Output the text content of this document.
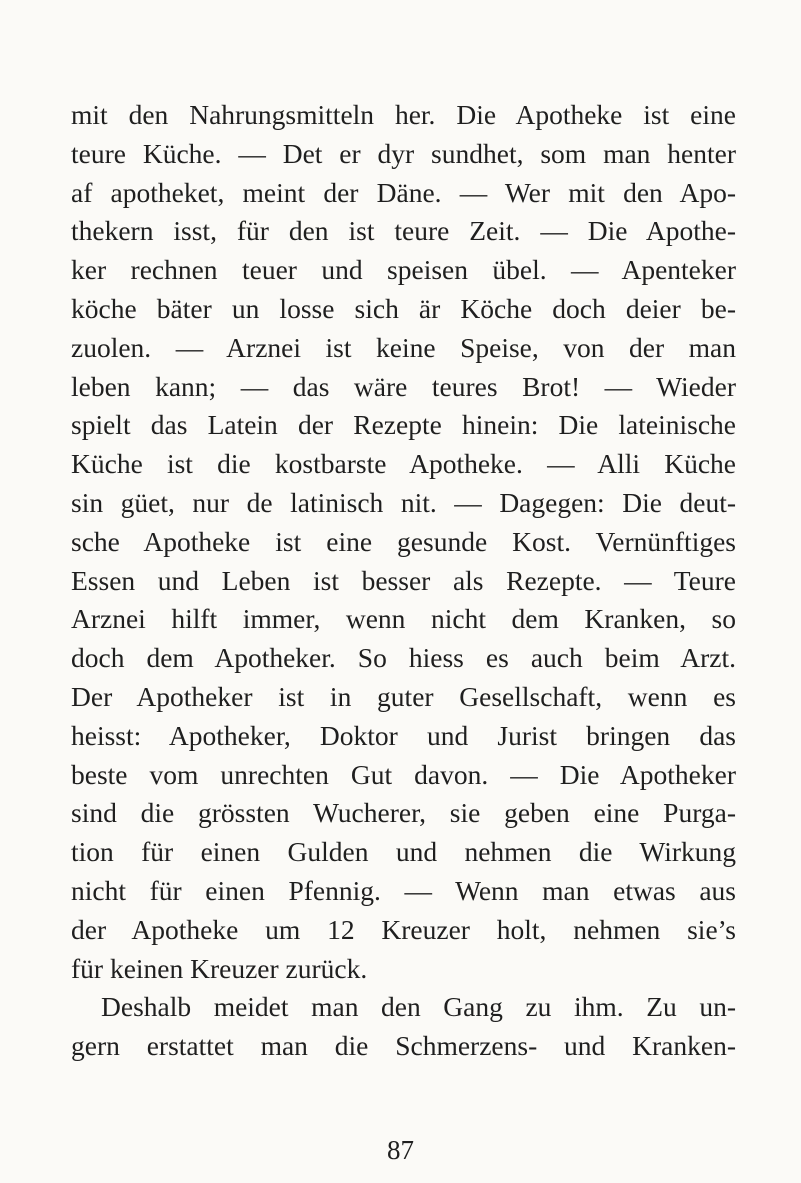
mit den Nahrungsmitteln her. Die Apotheke ist eine
teure Küche. — Det er dyr sundhet, som man henter
af apotheket, meint der Däne. — Wer mit den Apo-
thekern isst, für den ist teure Zeit. — Die Apothe-
ker rechnen teuer und speisen übel. — Apenteker
köche bäter un losse sich är Köche doch deier be-
zuolen. — Arznei ist keine Speise, von der man
leben kann; — das wäre teures Brot! — Wieder
spielt das Latein der Rezepte hinein: Die lateinische
Küche ist die kostbarste Apotheke. — Alli Küche
sin güet, nur de latinisch nit. — Dagegen: Die deut-
sche Apotheke ist eine gesunde Kost. Vernünftiges
Essen und Leben ist besser als Rezepte. — Teure
Arznei hilft immer, wenn nicht dem Kranken, so
doch dem Apotheker. So hiess es auch beim Arzt.
Der Apotheker ist in guter Gesellschaft, wenn es
heisst: Apotheker, Doktor und Jurist bringen das
beste vom unrechten Gut davon. — Die Apotheker
sind die grössten Wucherer, sie geben eine Purga-
tion für einen Gulden und nehmen die Wirkung
nicht für einen Pfennig. — Wenn man etwas aus
der Apotheke um 12 Kreuzer holt, nehmen sie’s
für keinen Kreuzer zurück.
Deshalb meidet man den Gang zu ihm. Zu un-
gern erstattet man die Schmerzens- und Kranken-
87
